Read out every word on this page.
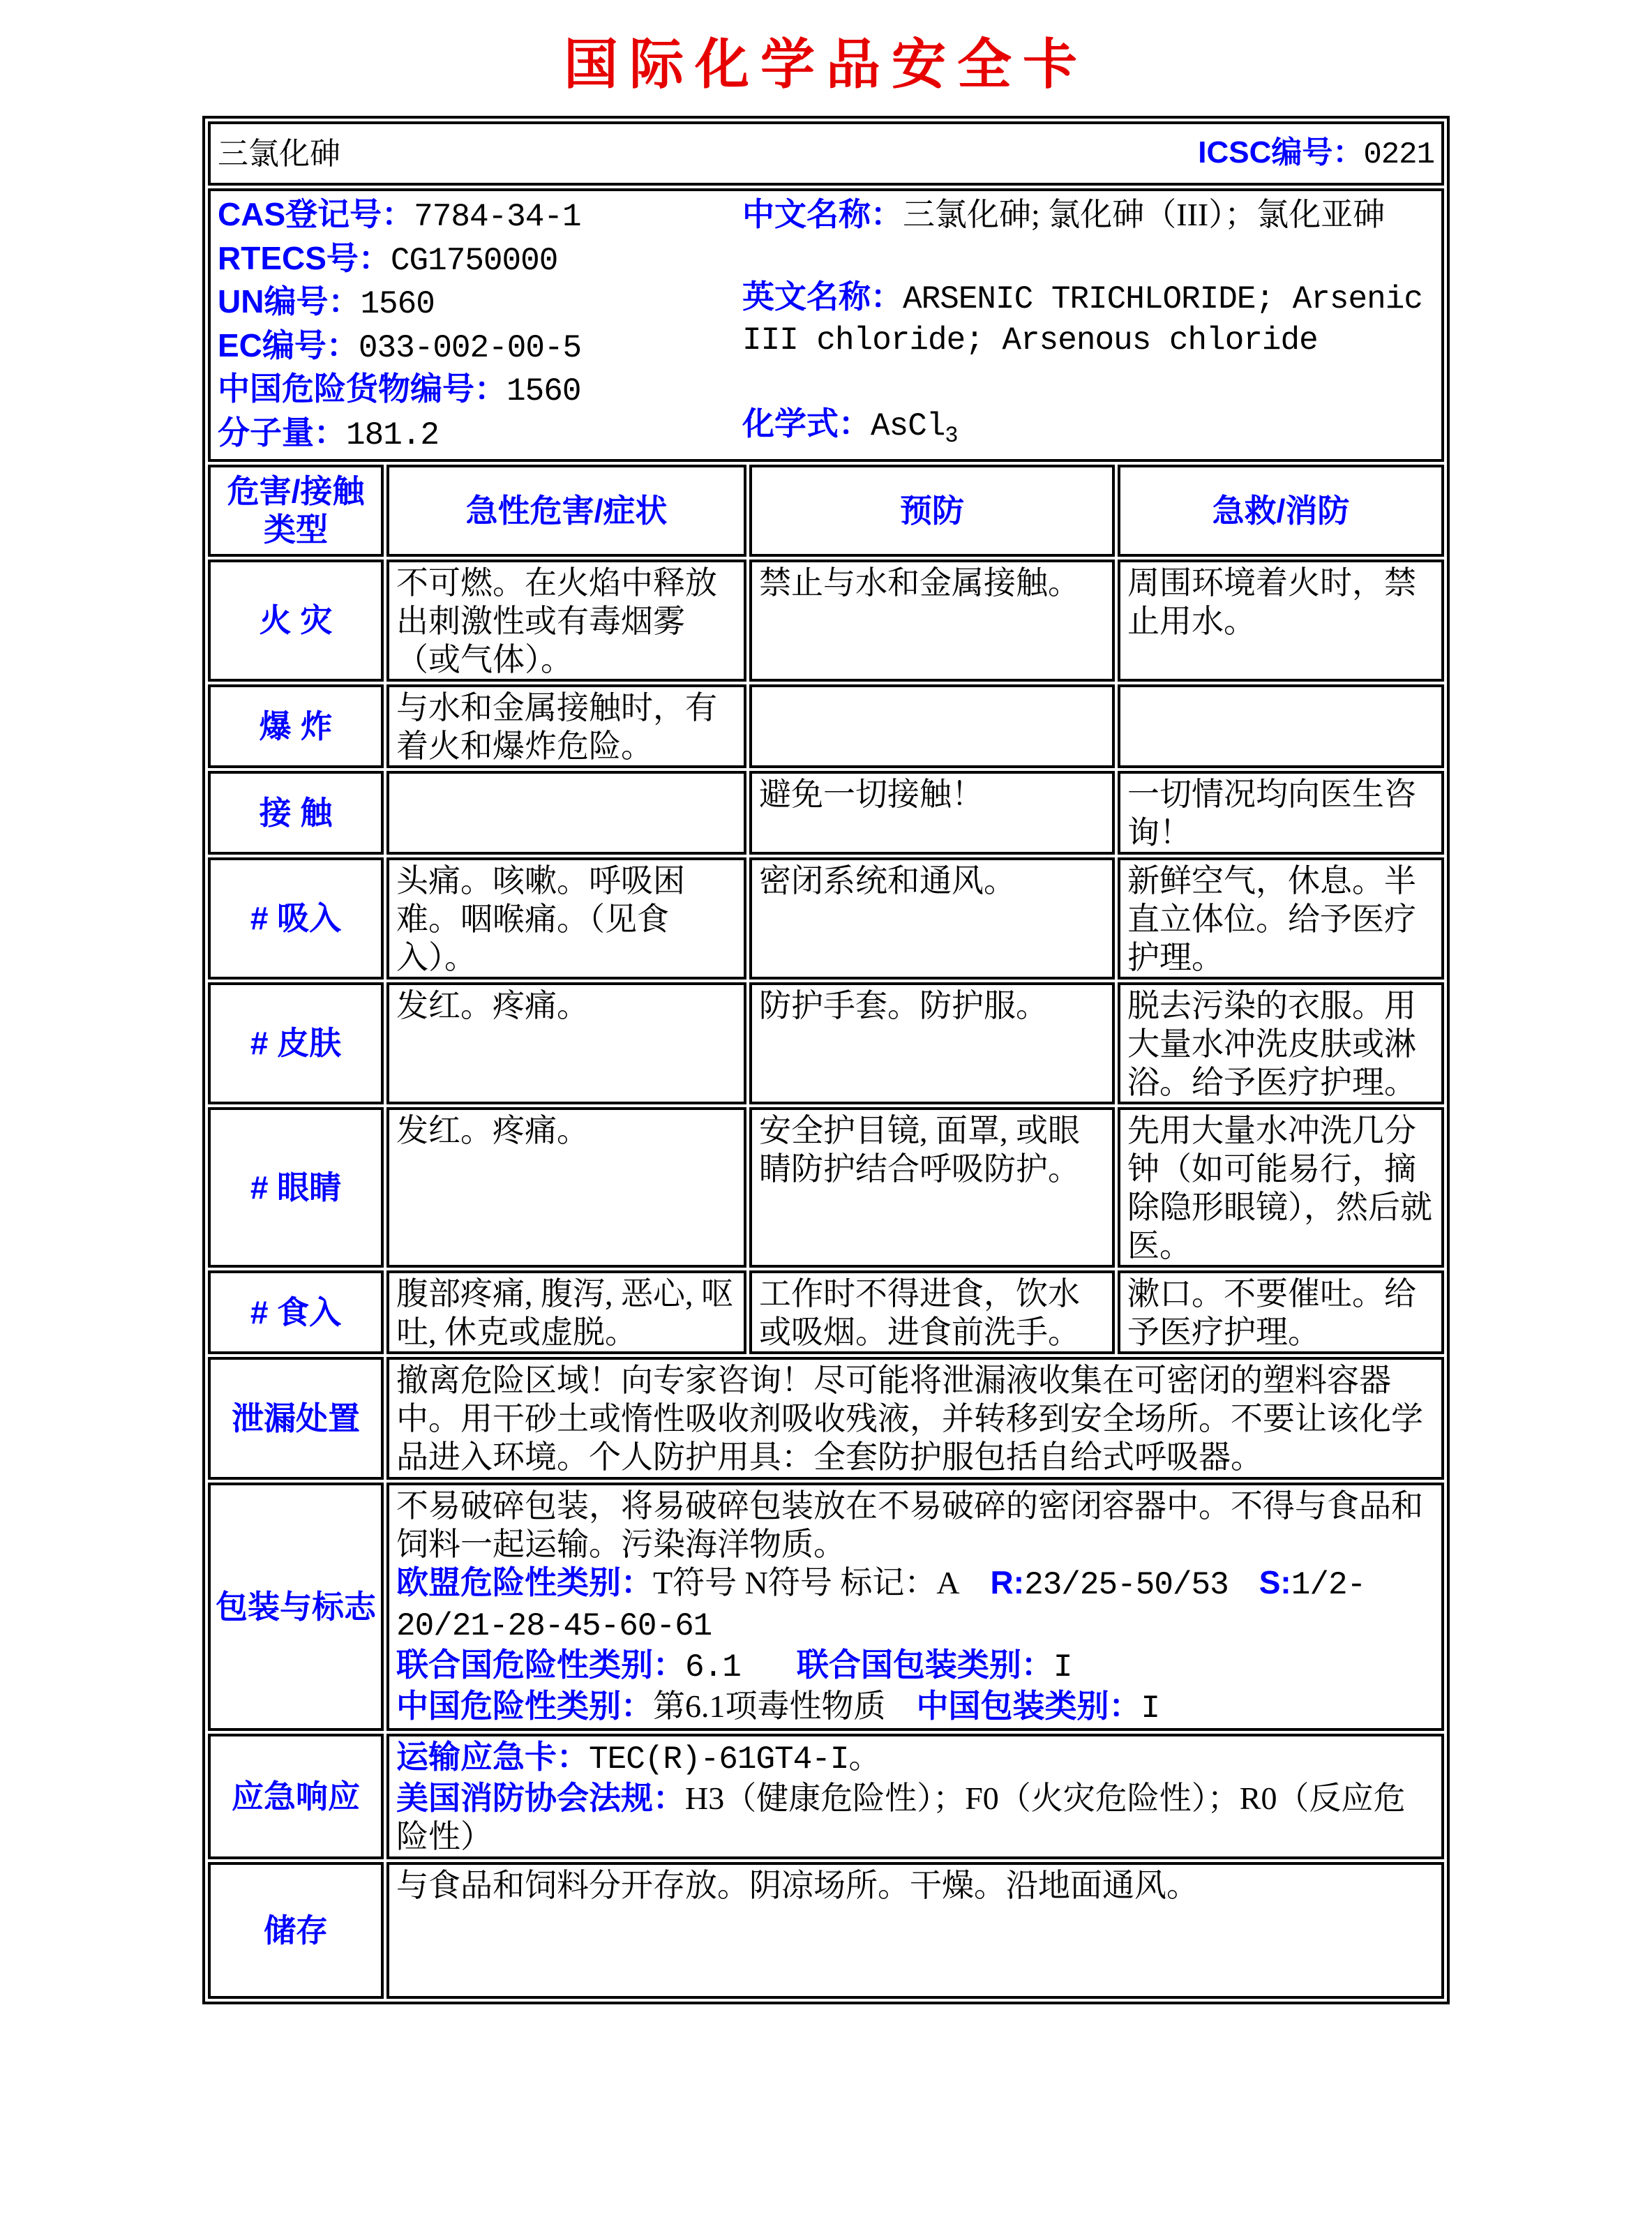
国际化学品安全卡
三氯化砷 ICSC编号：0221			

CAS登记号：7784-34-1
RTECS号：CG1750000
UN编号：1560
EC编号：033-002-00-5
中国危险货物编号：1560
分子量：181.2
中文名称：三氯化砷; 氯化砷（III）；氯化亚砷
英文名称：ARSENIC TRICHLORIDE; Arsenic III chloride; Arsenous chloride
化学式：AsCl$_3$

危害/接触类型	急性危害/症状	预防	急救/消防
火 灾	不可燃。在火焰中释放出刺激性或有毒烟雾（或气体）。	禁止与水和金属接触。	周围环境着火时，禁止用水。
爆 炸	与水和金属接触时，有着火和爆炸危险。		
接 触		避免一切接触！	一切情况均向医生咨询！
# 吸入	头痛。咳嗽。呼吸困难。咽喉痛。（见食入）。	密闭系统和通风。	新鲜空气，休息。半直立体位。给予医疗护理。
# 皮肤	发红。疼痛。	防护手套。防护服。	脱去污染的衣服。用大量水冲洗皮肤或淋浴。给予医疗护理。
# 眼睛	发红。疼痛。	安全护目镜, 面罩, 或眼睛防护结合呼吸防护。	先用大量水冲洗几分钟（如可能易行，摘除隐形眼镜），然后就医。
# 食入	腹部疼痛, 腹泻, 恶心, 呕吐, 休克或虚脱。	工作时不得进食，饮水或吸烟。进食前洗手。	漱口。不要催吐。给予医疗护理。
泄漏处置	撤离危险区域！向专家咨询！尽可能将泄漏液收集在可密闭的塑料容器中。用干砂土或惰性吸收剂吸收残液，并转移到安全场所。不要让该化学品进入环境。个人防护用具：全套防护服包括自给式呼吸器。		
包装与标志	不易破碎包装，将易破碎包装放在不易破碎的密闭容器中。不得与食品和饲料一起运输。污染海洋物质。
欧盟危险性类别：T符号 N符号 标记：A R:23/25-50/53 S:1/2-20/21-28-45-60-61
联合国危险性类别：6.1 联合国包装类别：I
中国危险性类别：第6.1项毒性物质 中国包装类别：I		

应急响应	运输应急卡：TEC(R)-61GT4-I。
美国消防协会法规：H3（健康危险性）；F0（火灾危险性）；R0（反应危险性）		

储存	与食品和饲料分开存放。阴凉场所。干燥。沿地面通风。		
